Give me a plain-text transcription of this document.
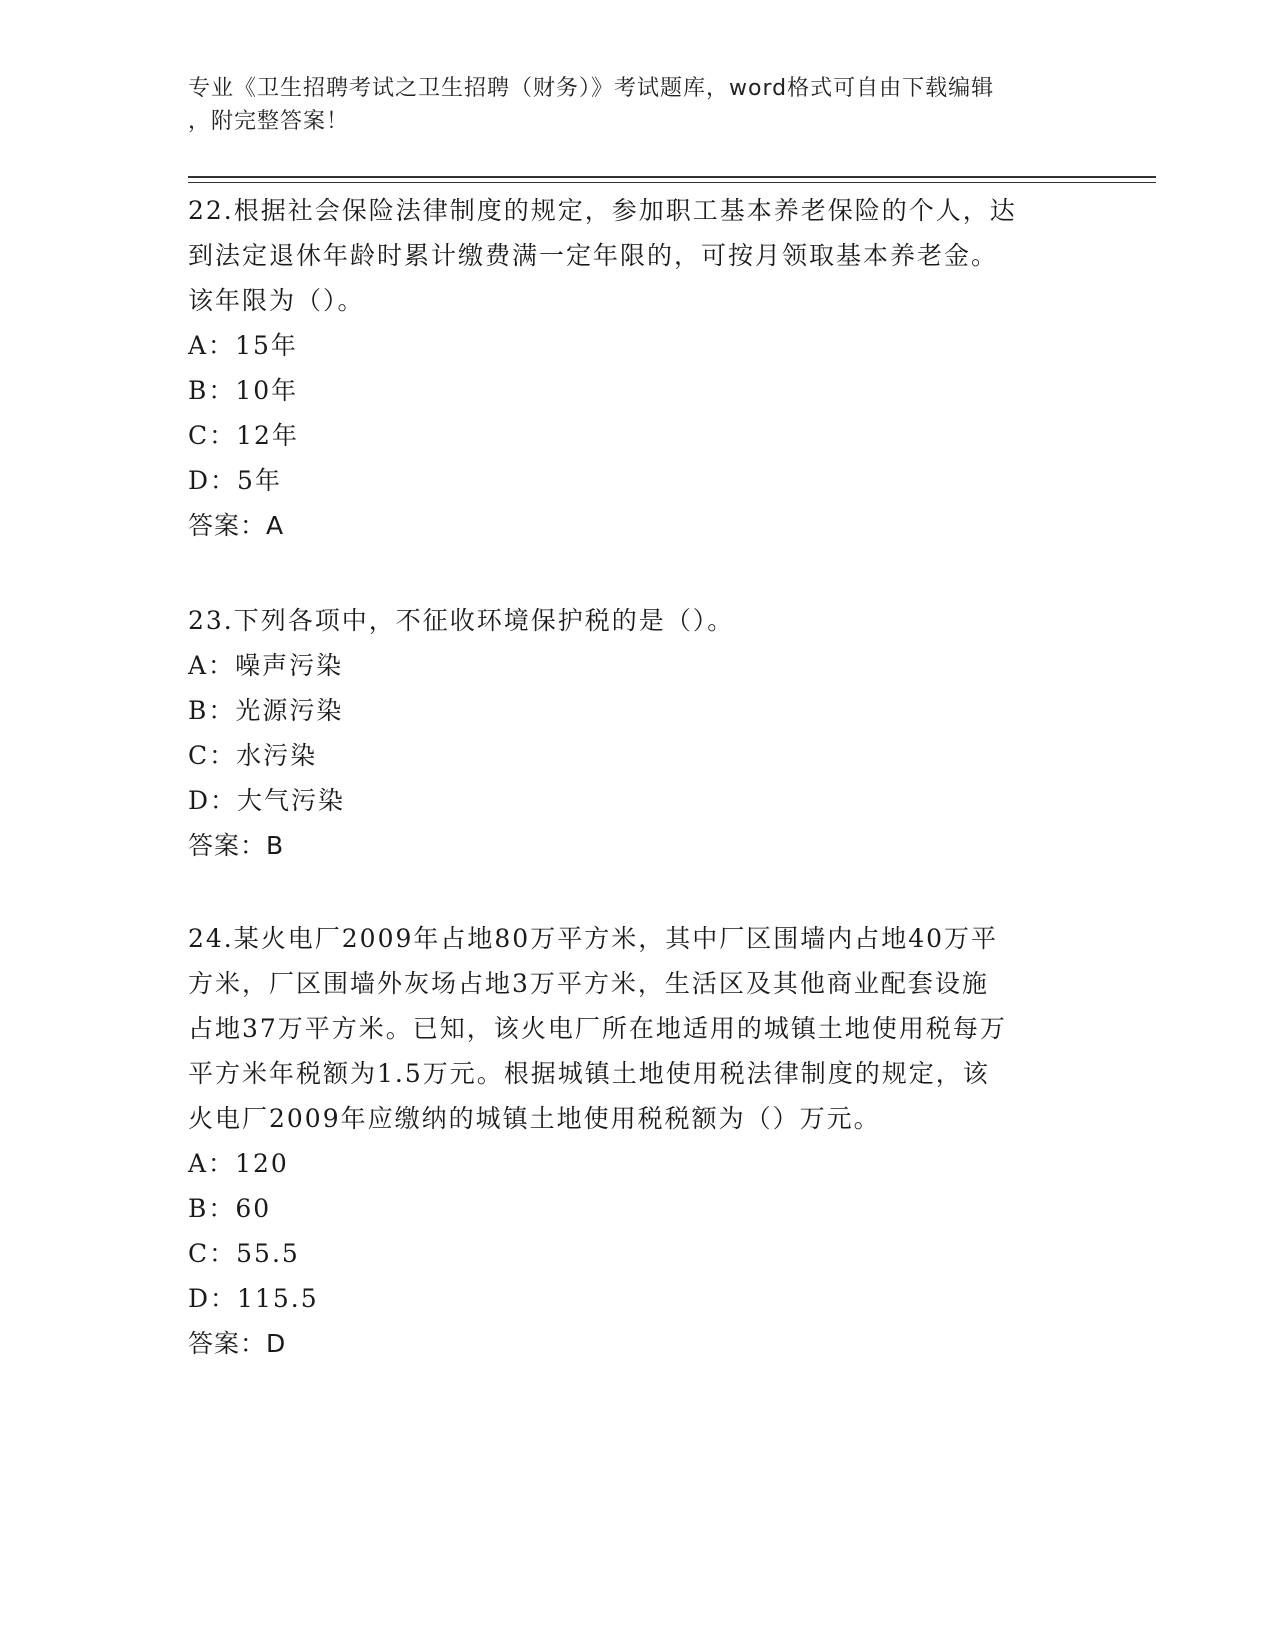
专业《卫生招聘考试之卫生招聘（财务）》考试题库，word格式可自由下载编辑
，附完整答案！

22.根据社会保险法律制度的规定，参加职工基本养老保险的个人，达

到法定退休年龄时累计缴费满一定年限的，可按月领取基本养老金。

该年限为（）。

A： 15年

B： 10年

C： 12年

D： 5年

答案：A

23.下列各项中，不征收环境保护税的是（）。

A： 噪声污染

B： 光源污染

C： 水污染

D： 大气污染

答案：B

24.某火电厂2009年占地80万平方米，其中厂区围墙内占地40万平

方米，厂区围墙外灰场占地3万平方米，生活区及其他商业配套设施

占地37万平方米。已知，该火电厂所在地适用的城镇土地使用税每万

平方米年税额为1.5万元。根据城镇土地使用税法律制度的规定，该

火电厂2009年应缴纳的城镇土地使用税税额为（）万元。

A： 120

B： 60

C： 55.5

D： 115.5

答案：D
